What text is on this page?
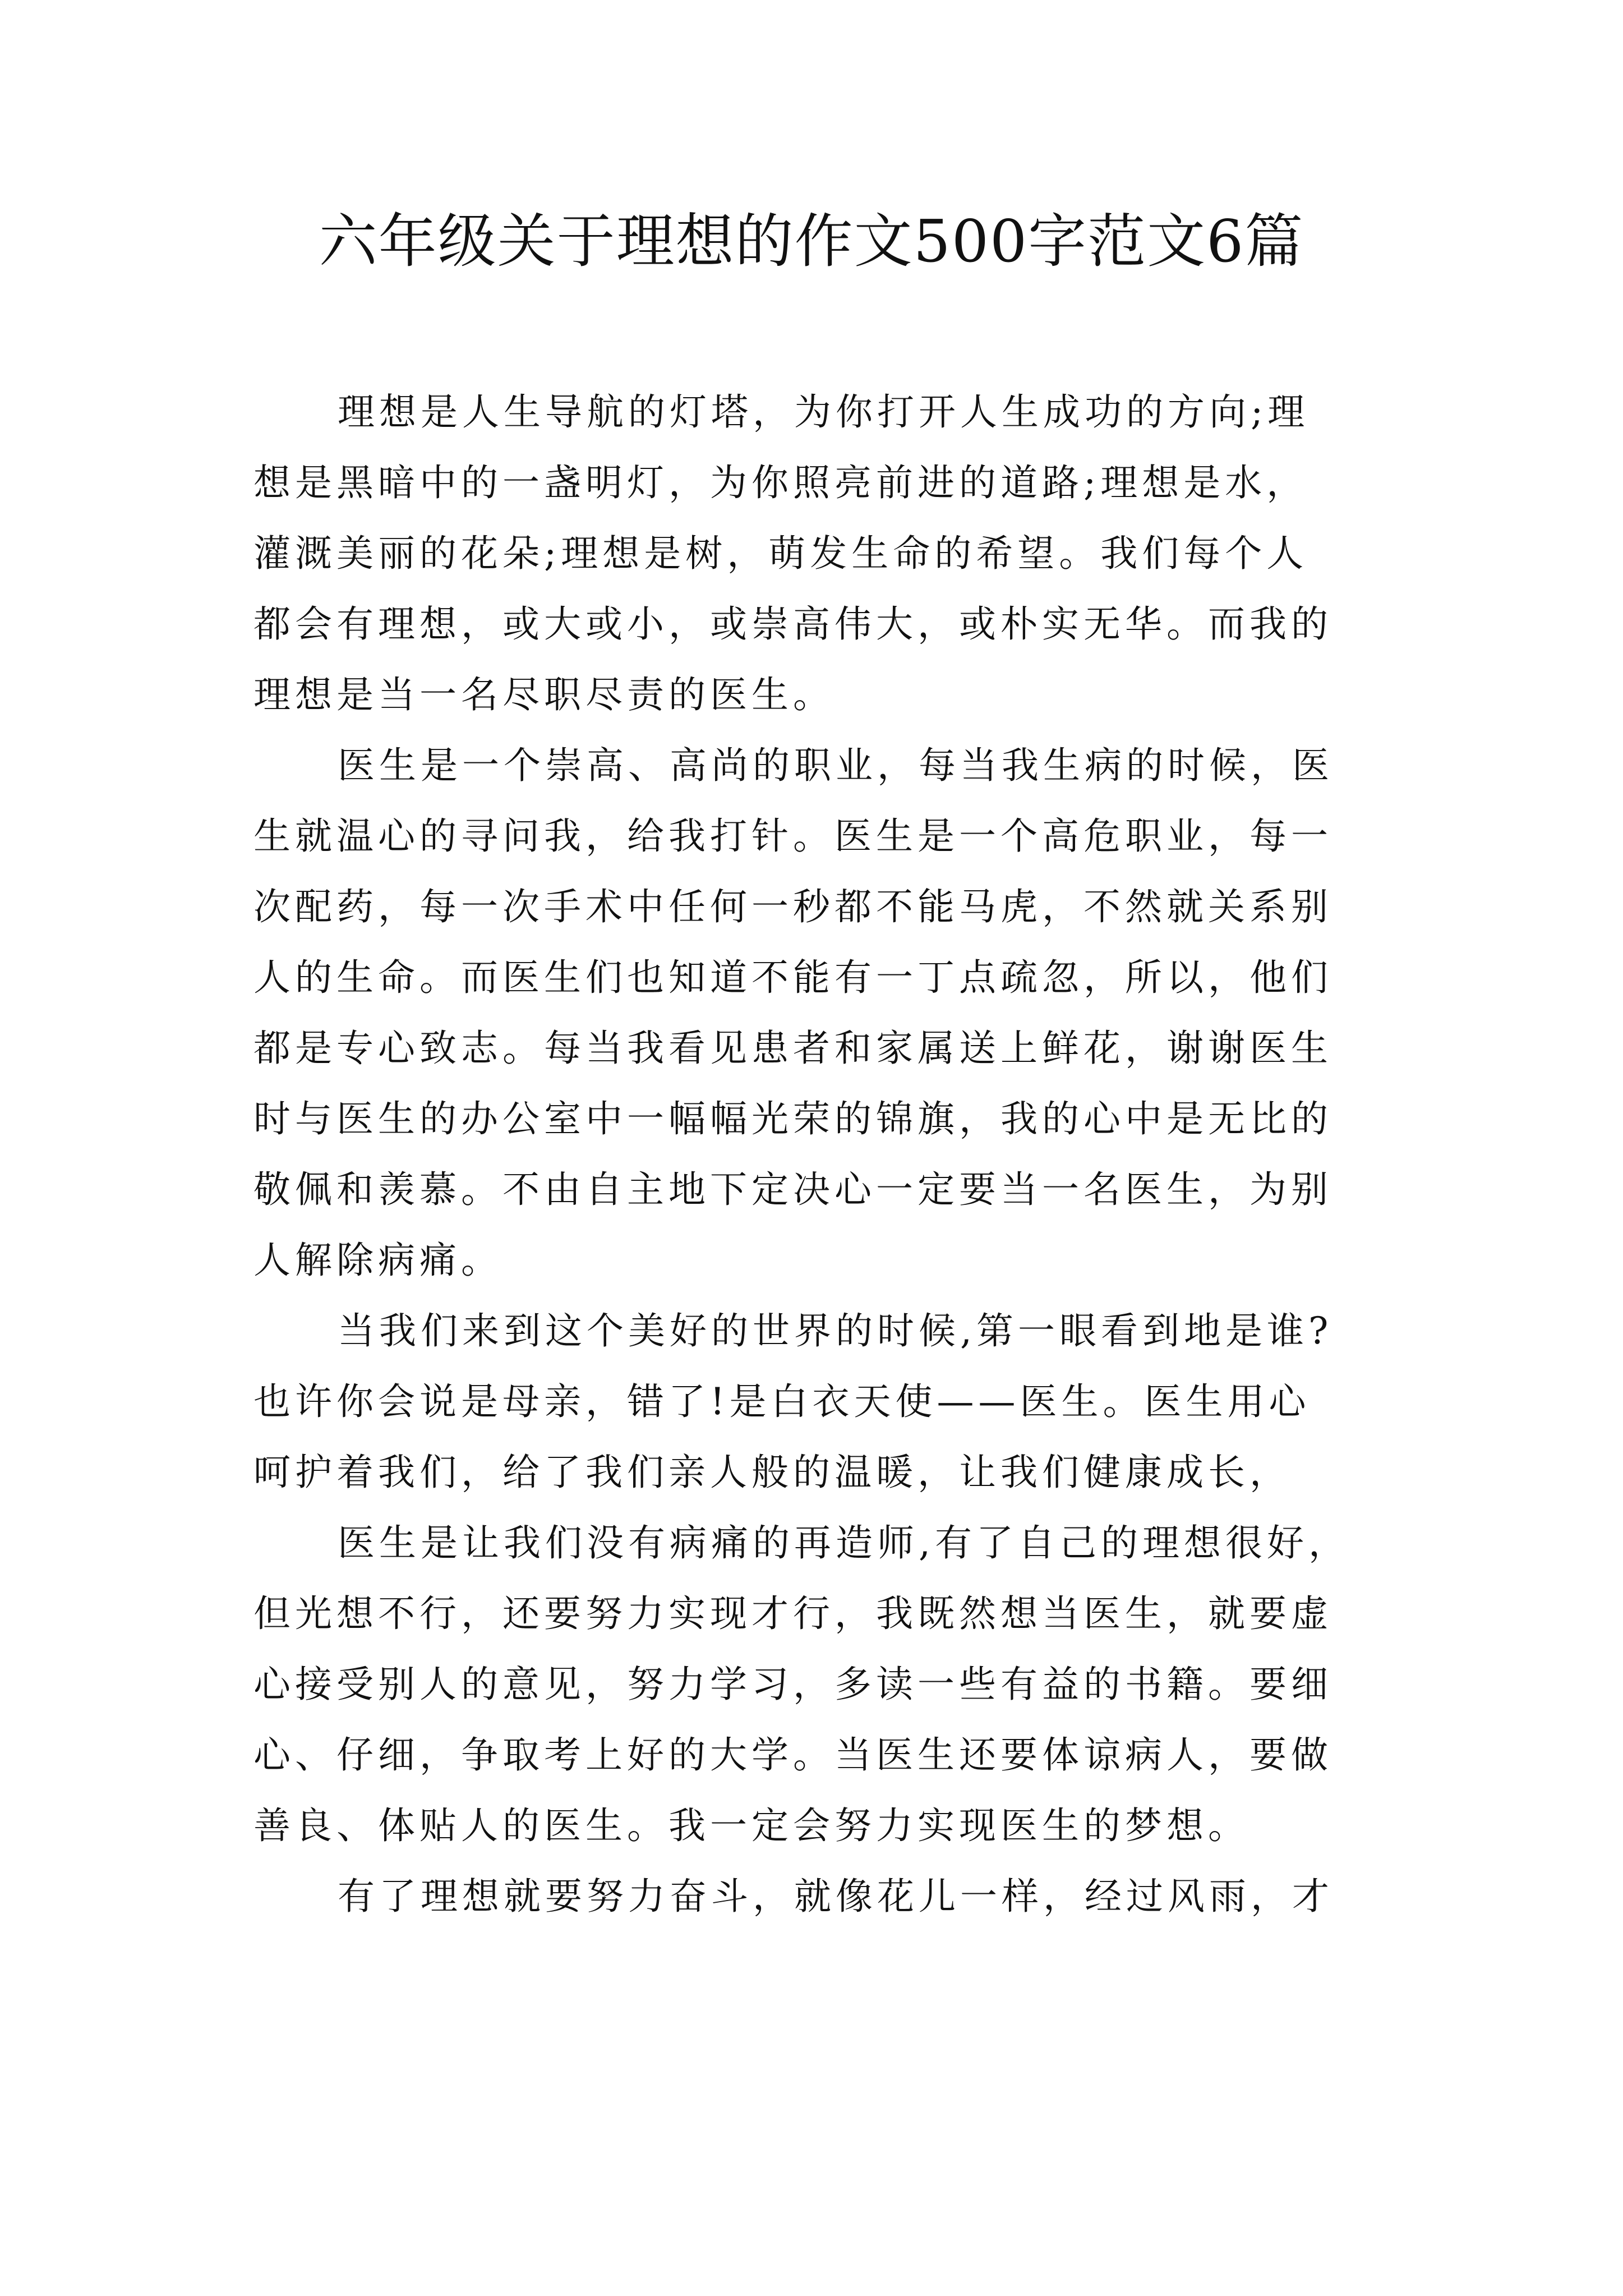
六年级关于理想的作文500字范文6篇

理想是人生导航的灯塔，为你打开人生成功的方向;理
想是黑暗中的一盏明灯，为你照亮前进的道路;理想是水，
灌溉美丽的花朵;理想是树，萌发生命的希望。我们每个人
都会有理想，或大或小，或崇高伟大，或朴实无华。而我的
理想是当一名尽职尽责的医生。

医生是一个崇高、高尚的职业，每当我生病的时候，医
生就温心的寻问我，给我打针。医生是一个高危职业，每一
次配药，每一次手术中任何一秒都不能马虎，不然就关系别
人的生命。而医生们也知道不能有一丁点疏忽，所以，他们
都是专心致志。每当我看见患者和家属送上鲜花，谢谢医生
时与医生的办公室中一幅幅光荣的锦旗，我的心中是无比的
敬佩和羡慕。不由自主地下定决心一定要当一名医生，为别
人解除病痛。

当我们来到这个美好的世界的时候,第一眼看到地是谁?
也许你会说是母亲，错了!是白衣天使——医生。医生用心
呵护着我们，给了我们亲人般的温暖，让我们健康成长，

医生是让我们没有病痛的再造师,有了自己的理想很好，
但光想不行，还要努力实现才行，我既然想当医生，就要虚
心接受别人的意见，努力学习，多读一些有益的书籍。要细
心、仔细，争取考上好的大学。当医生还要体谅病人，要做
善良、体贴人的医生。我一定会努力实现医生的梦想。

有了理想就要努力奋斗，就像花儿一样，经过风雨，才
